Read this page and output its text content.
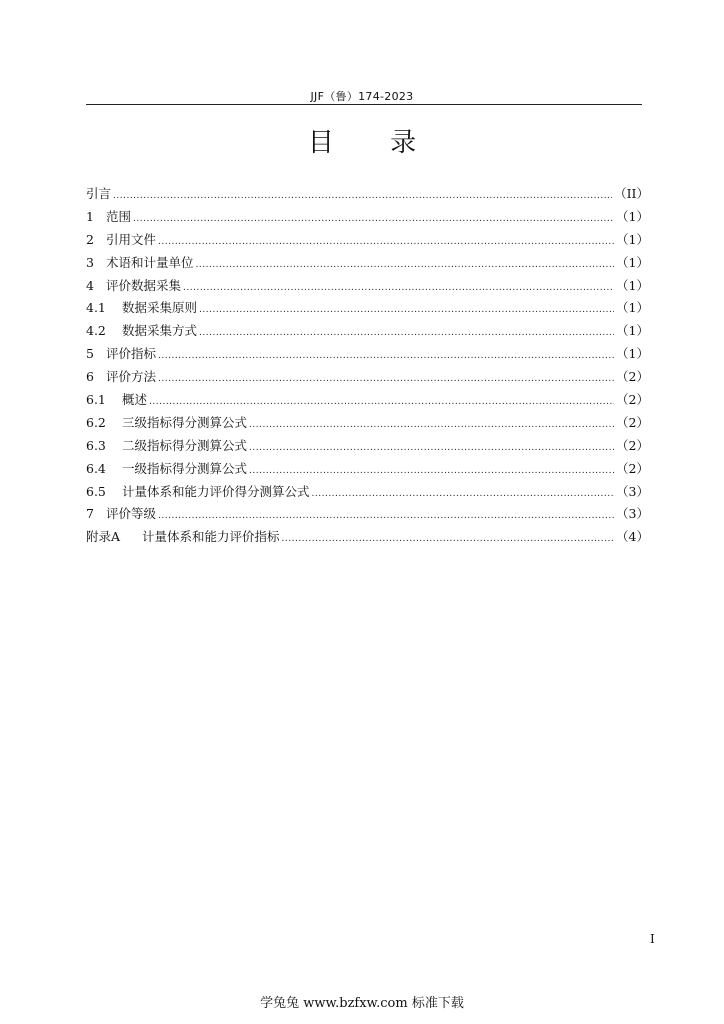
JJF（鲁）174-2023
目 录
引言 .....	（II）
1 范围 .....	（1）
2 引用文件 .....	（1）
3 术语和计量单位 .....	（1）
4 评价数据采集 .....	（1）
4.1	数据采集原则 .....	（1）
4.2	数据采集方式 .....	（1）
5 评价指标 .....	（1）
6 评价方法 .....	（2）
6.1	概述 .....	（2）
6.2	三级指标得分测算公式 .....	（2）
6.3	二级指标得分测算公式 .....	（2）
6.4	一级指标得分测算公式 .....	（2）
6.5	计量体系和能力评价得分测算公式 .....	（3）
7 评价等级 .....	（3）
附录A	计量体系和能力评价指标 .....	（4）
I
学兔兔 www.bzfxw.com 标准下载
